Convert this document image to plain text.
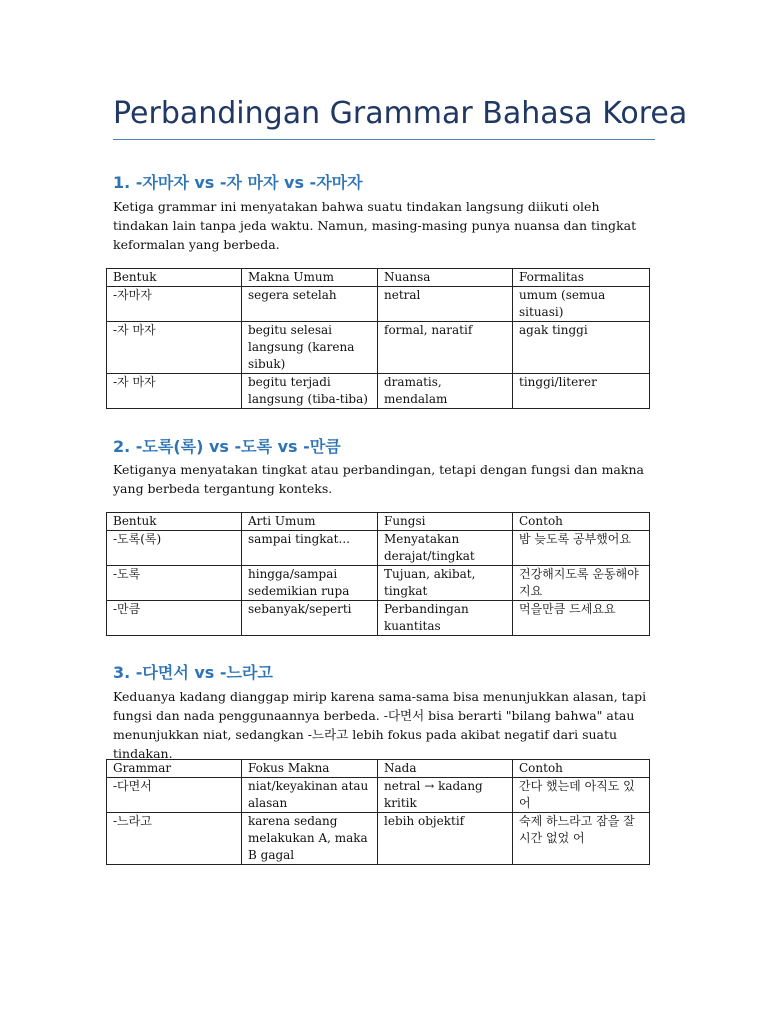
Perbandingan Grammar Bahasa Korea
1. -자마자 vs -자 마자 vs -자마자
Ketiga grammar ini menyatakan bahwa suatu tindakan langsung diikuti oleh tindakan lain tanpa jeda waktu. Namun, masing-masing punya nuansa dan tingkat keformalan yang berbeda.
Bentuk	Makna Umum	Nuansa	Formalitas
-자마자	segera setelah	netral	umum (semua situasi)
-자 마자	begitu selesai langsung (karena sibuk)	formal, naratif	agak tinggi
-자 마자	begitu terjadi langsung (tiba-tiba)	dramatis, mendalam	tinggi/literer
2. -도록(록) vs -도록 vs -만큼
Ketiganya menyatakan tingkat atau perbandingan, tetapi dengan fungsi dan makna yang berbeda tergantung konteks.
Bentuk	Arti Umum	Fungsi	Contoh
-도록(록)	sampai tingkat...	Menyatakan derajat/tingkat	밤 늦도록 공부했어요
-도록	hingga/sampai sedemikian rupa	Tujuan, akibat, tingkat	건강해지도록 운동해야지요
-만큼	sebanyak/seperti	Perbandingan kuantitas	먹을만큼 드세요요
3. -다면서 vs -느라고
Keduanya kadang dianggap mirip karena sama-sama bisa menunjukkan alasan, tapi fungsi dan nada penggunaannya berbeda. -다면서 bisa berarti "bilang bahwa" atau menunjukkan niat, sedangkan -느라고 lebih fokus pada akibat negatif dari suatu tindakan.
Grammar	Fokus Makna	Nada	Contoh
-다면서	niat/keyakinan atau alasan	netral → kadang kritik	간다 했는데 아직도 있어
-느라고	karena sedang melakukan A, maka B gagal	lebih objektif	숙제 하느라고 잠을 잘 시간 없었 어
